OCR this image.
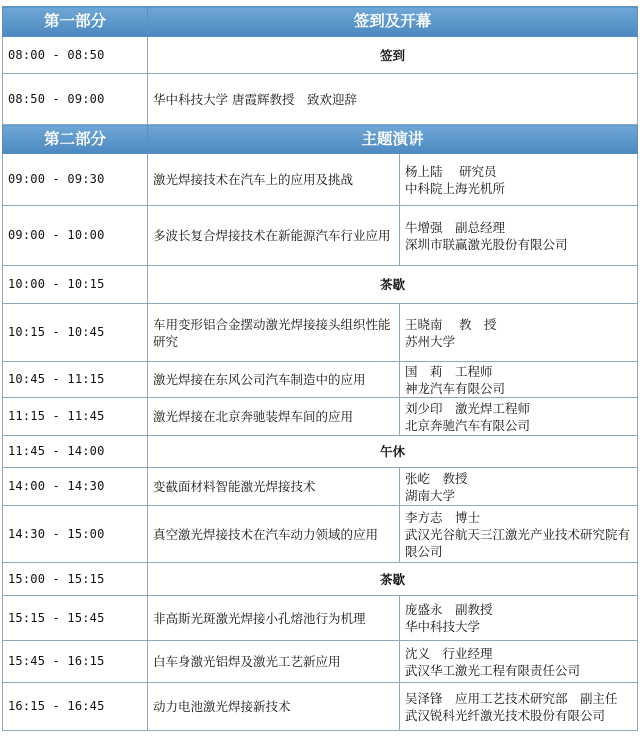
第一部分	签到及开幕	
08:00 - 08:50	签到	
08:50 - 09:00	华中科技大学 唐霞辉教授　致欢迎辞	
第二部分	主题演讲	
09:00 - 09:30	激光焊接技术在汽车上的应用及挑战	杨上陆　 研究员
中科院上海光机所

09:00 - 10:00	多波长复合焊接技术在新能源汽车行业应用	牛增强　副总经理
深圳市联赢激光股份有限公司

10:00 - 10:15	茶歇	
10:15 - 10:45	车用变形铝合金摆动激光焊接接头组织性能研究	王晓南　 教　授
苏州大学

10:45 - 11:15	激光焊接在东风公司汽车制造中的应用	国　莉　工程师
神龙汽车有限公司

11:15 - 11:45	激光焊接在北京奔驰装焊车间的应用	刘少印　激光焊工程师
北京奔驰汽车有限公司

11:45 - 14:00	午休	
14:00 - 14:30	变截面材料智能激光焊接技术	张屹　教授
湖南大学

14:30 - 15:00	真空激光焊接技术在汽车动力领域的应用	李方志　博士
武汉光谷航天三江激光产业技术研究院有限公司

15:00 - 15:15	茶歇	
15:15 - 15:45	非高斯光斑激光焊接小孔熔池行为机理	庞盛永　副教授
华中科技大学

15:45 - 16:15	白车身激光铝焊及激光工艺新应用	沈义　行业经理
武汉华工激光工程有限责任公司

16:15 - 16:45	动力电池激光焊接新技术	吴泽锋　应用工艺技术研究部　副主任
武汉锐科光纤激光技术股份有限公司
